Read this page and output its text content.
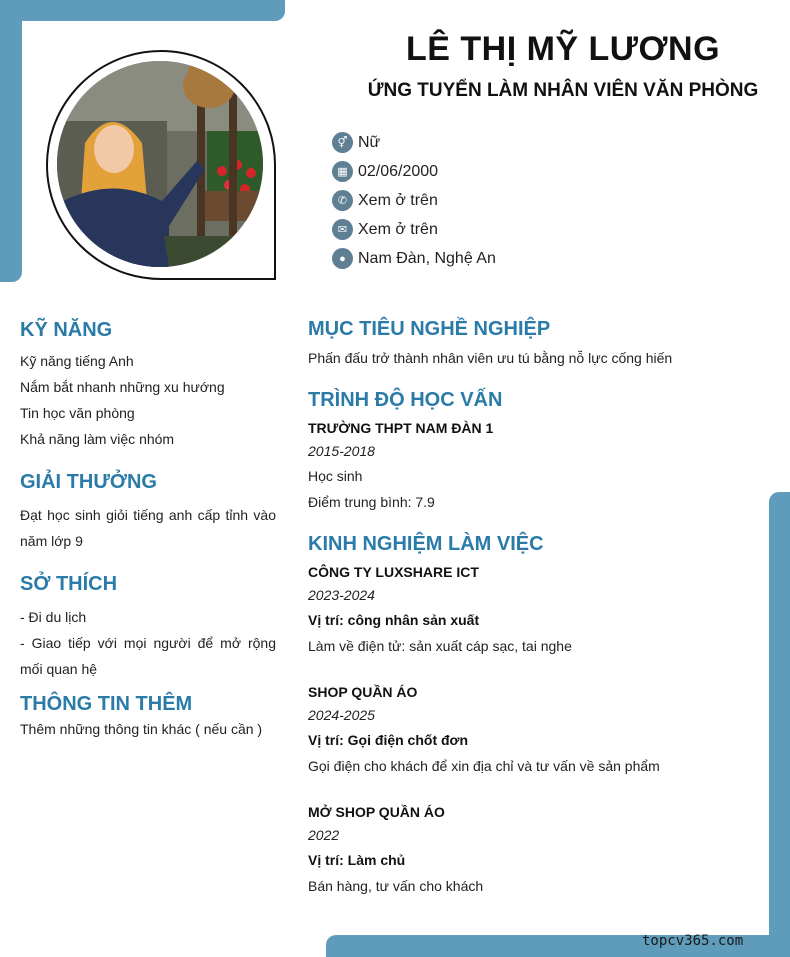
LÊ THỊ MỸ LƯƠNG
ỨNG TUYỂN LÀM NHÂN VIÊN VĂN PHÒNG
⚥ Nữ
▦ 02/06/2000
✆ Xem ở trên
✉ Xem ở trên
● Nam Đàn, Nghệ An
KỸ NĂNG
Kỹ năng tiếng Anh
Nắm bắt nhanh những xu hướng
Tin học văn phòng
Khả năng làm việc nhóm
GIẢI THƯỞNG
Đạt học sinh giỏi tiếng anh cấp tỉnh vào năm lớp 9
SỞ THÍCH
- Đi du lịch
- Giao tiếp với mọi người để mở rộng mối quan hệ
THÔNG TIN THÊM
Thêm những thông tin khác ( nếu cần )
MỤC TIÊU NGHỀ NGHIỆP
Phấn đấu trở thành nhân viên ưu tú bằng nỗ lực cống hiến
TRÌNH ĐỘ HỌC VẤN
TRƯỜNG THPT NAM ĐÀN 1
2015-2018
Học sinh
Điểm trung bình: 7.9
KINH NGHIỆM LÀM VIỆC
CÔNG TY LUXSHARE ICT
2023-2024
Vị trí: công nhân sản xuất
Làm về điện tử: sản xuất cáp sạc, tai nghe
SHOP QUẦN ÁO
2024-2025
Vị trí: Gọi điện chốt đơn
Gọi điện cho khách để xin địa chỉ và tư vấn về sản phẩm
MỞ SHOP QUẦN ÁO
2022
Vị trí: Làm chủ
Bán hàng, tư vấn cho khách
topcv365.com
